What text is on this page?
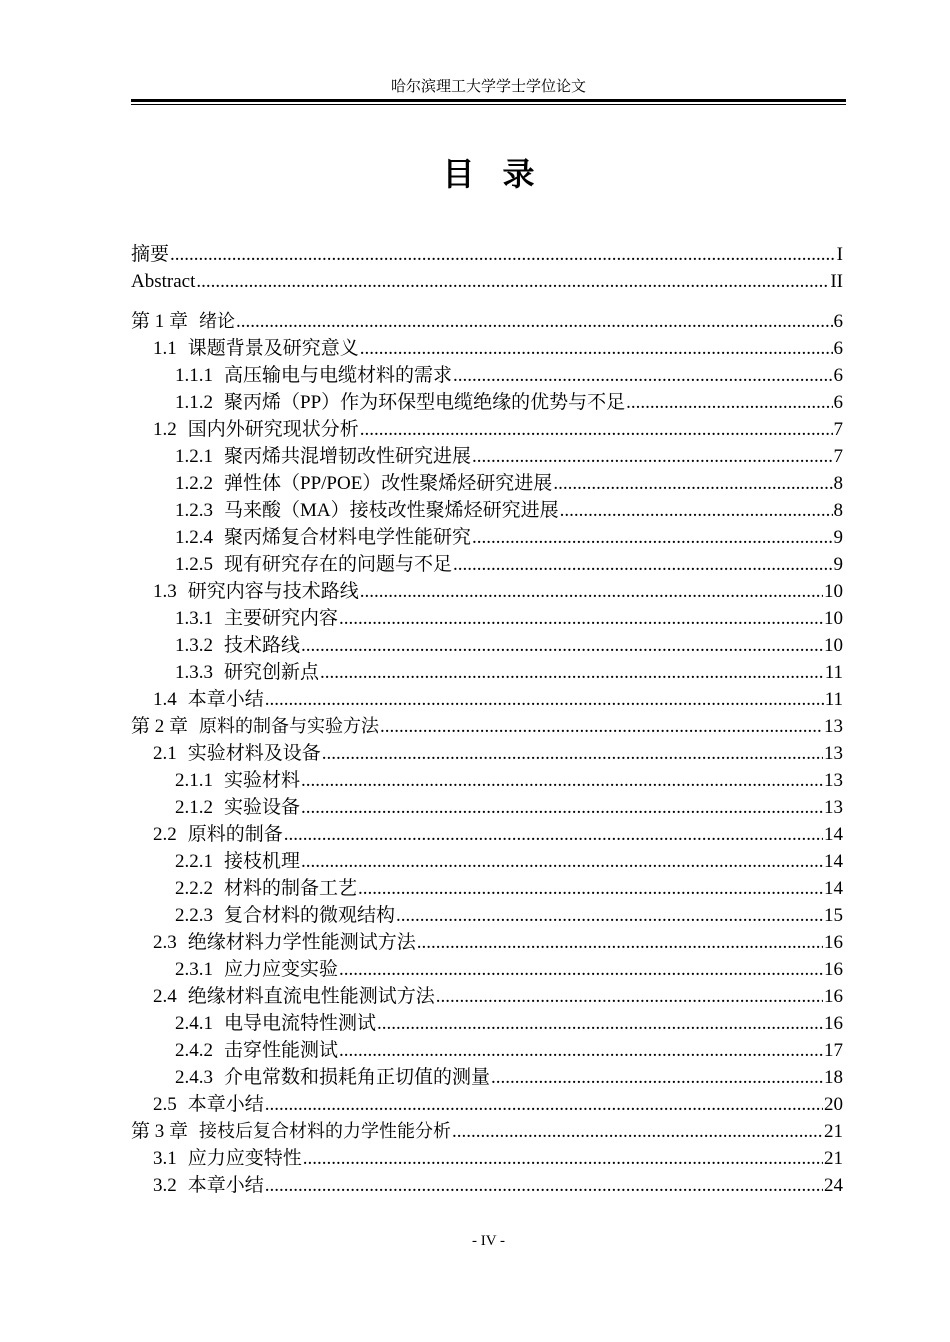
哈尔滨理工大学学士学位论文
目录
摘要 .....	I
Abstract .....	II
第 1 章 绪论 .....	6
1.1 课题背景及研究意义 .....	6
1.1.1 高压输电与电缆材料的需求 .....	6
1.1.2 聚丙烯（PP）作为环保型电缆绝缘的优势与不足 .....	6
1.2 国内外研究现状分析 .....	7
1.2.1 聚丙烯共混增韧改性研究进展 .....	7
1.2.2 弹性体（PP/POE）改性聚烯烃研究进展 .....	8
1.2.3 马来酸（MA）接枝改性聚烯烃研究进展 .....	8
1.2.4 聚丙烯复合材料电学性能研究 .....	9
1.2.5 现有研究存在的问题与不足 .....	9
1.3 研究内容与技术路线 .....	10
1.3.1 主要研究内容 .....	10
1.3.2 技术路线 .....	10
1.3.3 研究创新点 .....	11
1.4 本章小结 .....	11
第 2 章 原料的制备与实验方法 .....	13
2.1 实验材料及设备 .....	13
2.1.1 实验材料 .....	13
2.1.2 实验设备 .....	13
2.2 原料的制备 .....	14
2.2.1 接枝机理 .....	14
2.2.2 材料的制备工艺 .....	14
2.2.3 复合材料的微观结构 .....	15
2.3 绝缘材料力学性能测试方法 .....	16
2.3.1 应力应变实验 .....	16
2.4 绝缘材料直流电性能测试方法 .....	16
2.4.1 电导电流特性测试 .....	16
2.4.2 击穿性能测试 .....	17
2.4.3 介电常数和损耗角正切值的测量 .....	18
2.5 本章小结 .....	20
第 3 章 接枝后复合材料的力学性能分析 .....	21
3.1 应力应变特性 .....	21
3.2 本章小结 .....	24
- IV -
